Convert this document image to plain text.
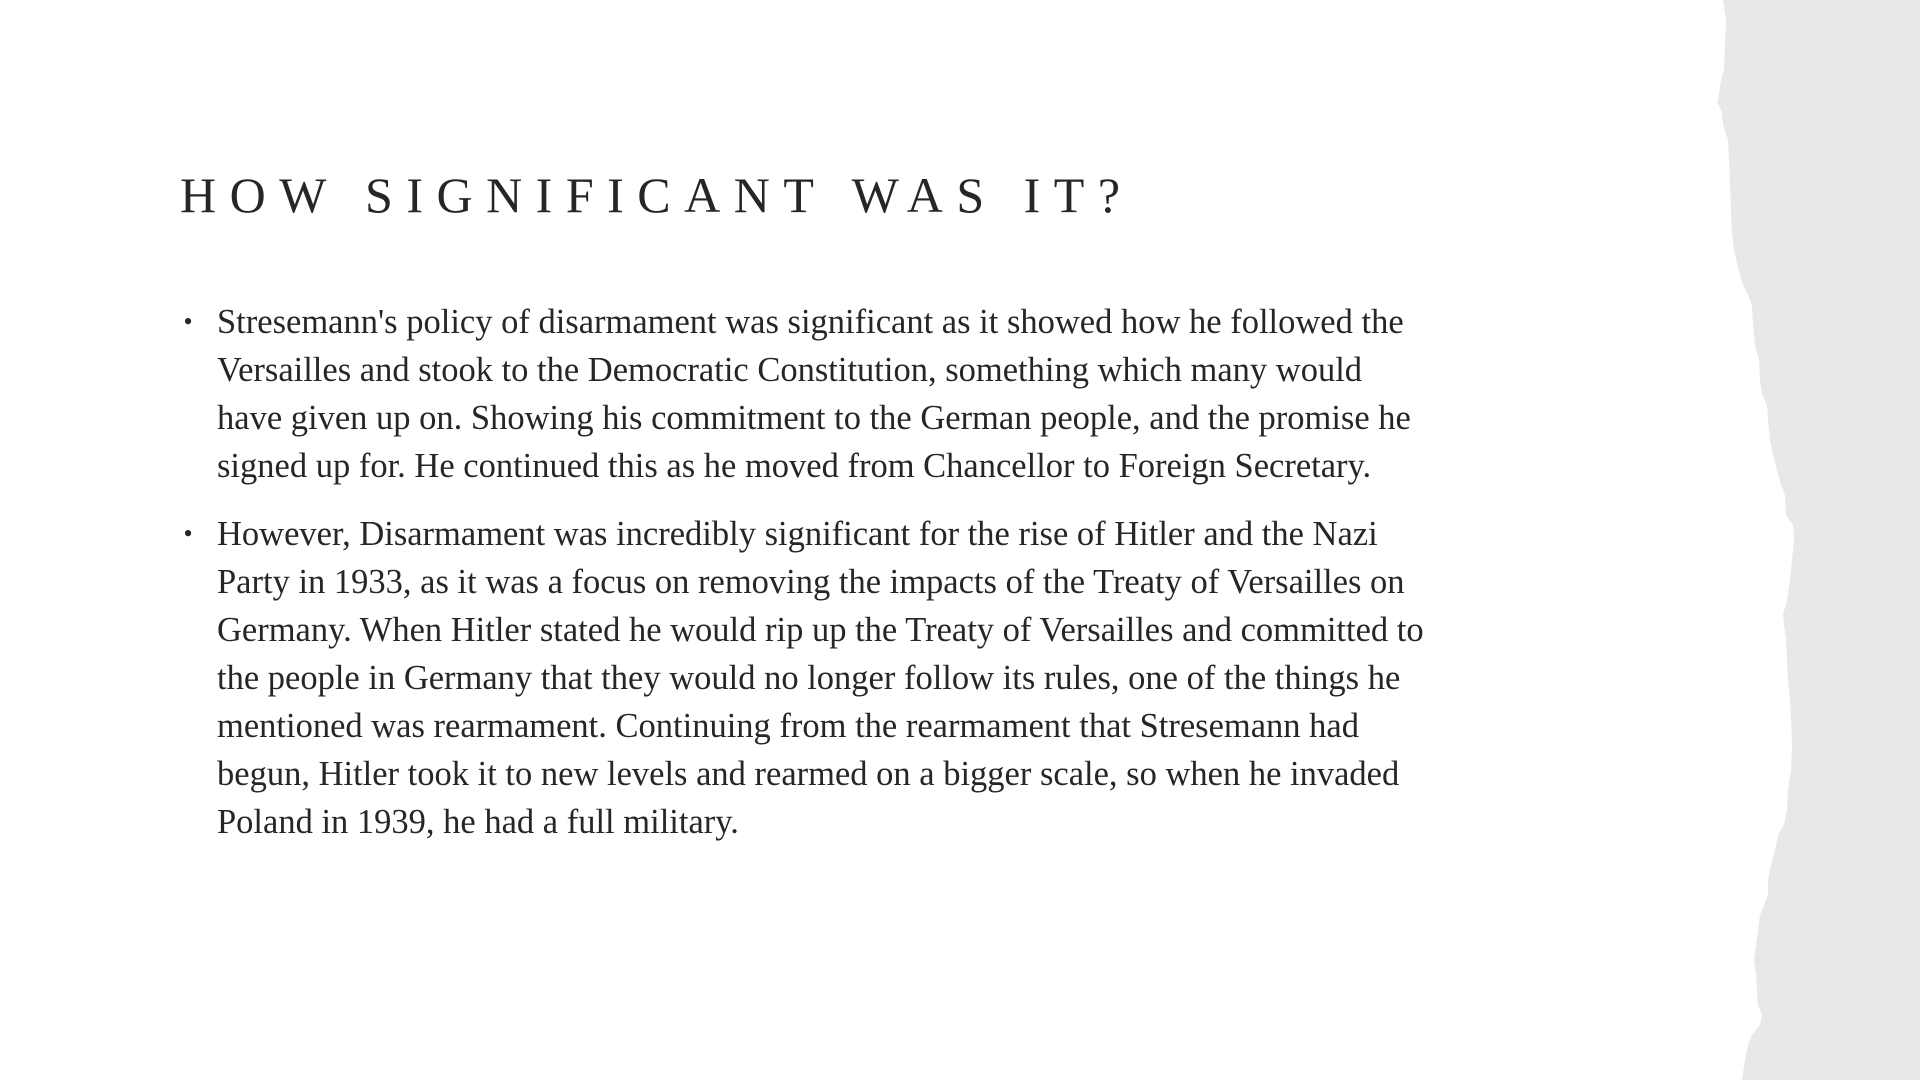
HOW SIGNIFICANT WAS IT?
• Stresemann's policy of disarmament was significant as it showed how he followed the
Versailles and stook to the Democratic Constitution, something which many would
have given up on. Showing his commitment to the German people, and the promise he
signed up for. He continued this as he moved from Chancellor to Foreign Secretary.
• However, Disarmament was incredibly significant for the rise of Hitler and the Nazi
Party in 1933, as it was a focus on removing the impacts of the Treaty of Versailles on
Germany. When Hitler stated he would rip up the Treaty of Versailles and committed to
the people in Germany that they would no longer follow its rules, one of the things he
mentioned was rearmament. Continuing from the rearmament that Stresemann had
begun, Hitler took it to new levels and rearmed on a bigger scale, so when he invaded
Poland in 1939, he had a full military.
